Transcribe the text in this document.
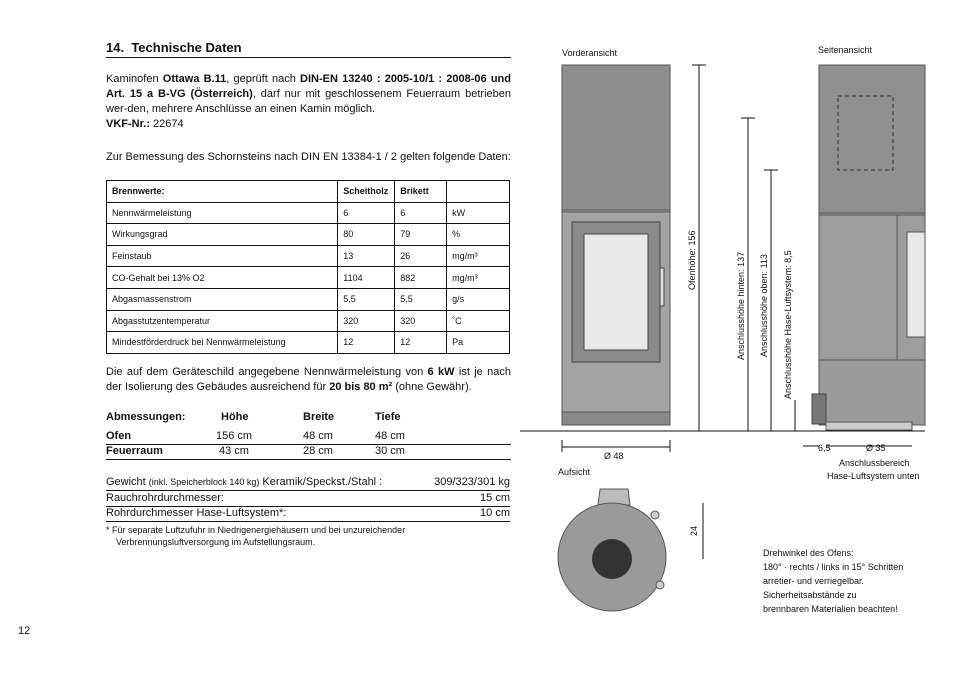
14. Technische Daten
Kaminofen Ottawa B.11, geprüft nach DIN-EN 13240 : 2005-10/1 : 2008-06 und Art. 15 a B-VG (Österreich), darf nur mit geschlossenem Feuerraum betrieben wer-den, mehrere Anschlüsse an einen Kamin möglich.
VKF-Nr.: 22674
Zur Bemessung des Schornsteins nach DIN EN 13384-1 / 2 gelten folgende Daten:
Brennwerte:	Scheitholz	Brikett	
Nennwärmeleistung	6	6	kW
Wirkungsgrad	80	79	%
Feinstaub	13	26	mg/m³
CO-Gehalt bei 13% O2	1104	882	mg/m³
Abgasmassenstrom	5,5	5,5	g/s
Abgasstutzentemperatur	320	320	˚C
Mindestförderdruck bei Nennwärmeleistung	12	12	Pa
Die auf dem Geräteschild angegebene Nennwärmeleistung von 6 kW ist je nach der Isolierung des Gebäudes ausreichend für 20 bis 80 m² (ohne Gewähr).
Abmessungen:	Höhe	Breite	Tiefe
Ofen	156 cm	48 cm	48 cm
Feuerraum	43 cm	28 cm	30 cm
Gewicht (inkl. Speicherblock 140 kg) Keramik/Speckst./Stahl :	309/323/301 kg
Rauchrohrdurchmesser:	15 cm
Rohrdurchmesser Hase-Luftsystem*:	10 cm
* Für separate Luftzufuhr in Niedrigenergiehäusern und bei unzureichender
Verbrennungsluftversorgung im Aufstellungsraum.
Vorderansicht	Seitenansicht
Aufsicht
Ofenhöhe: 156	Anschlusshöhe hinten: 137 Anschlusshöhe oben: 113 Anschlusshöhe Hase-Luftsystem: 8,5
Ø 48
6,5	Ø 35
Anschlussbereich
Hase-Luftsystem unten
24
Drehwinkel des Ofens:
180° · rechts / links in 15° Schritten
arretier- und verriegelbar.
Sicherheitsabstände zu
brennbaren Materialien beachten!
12
